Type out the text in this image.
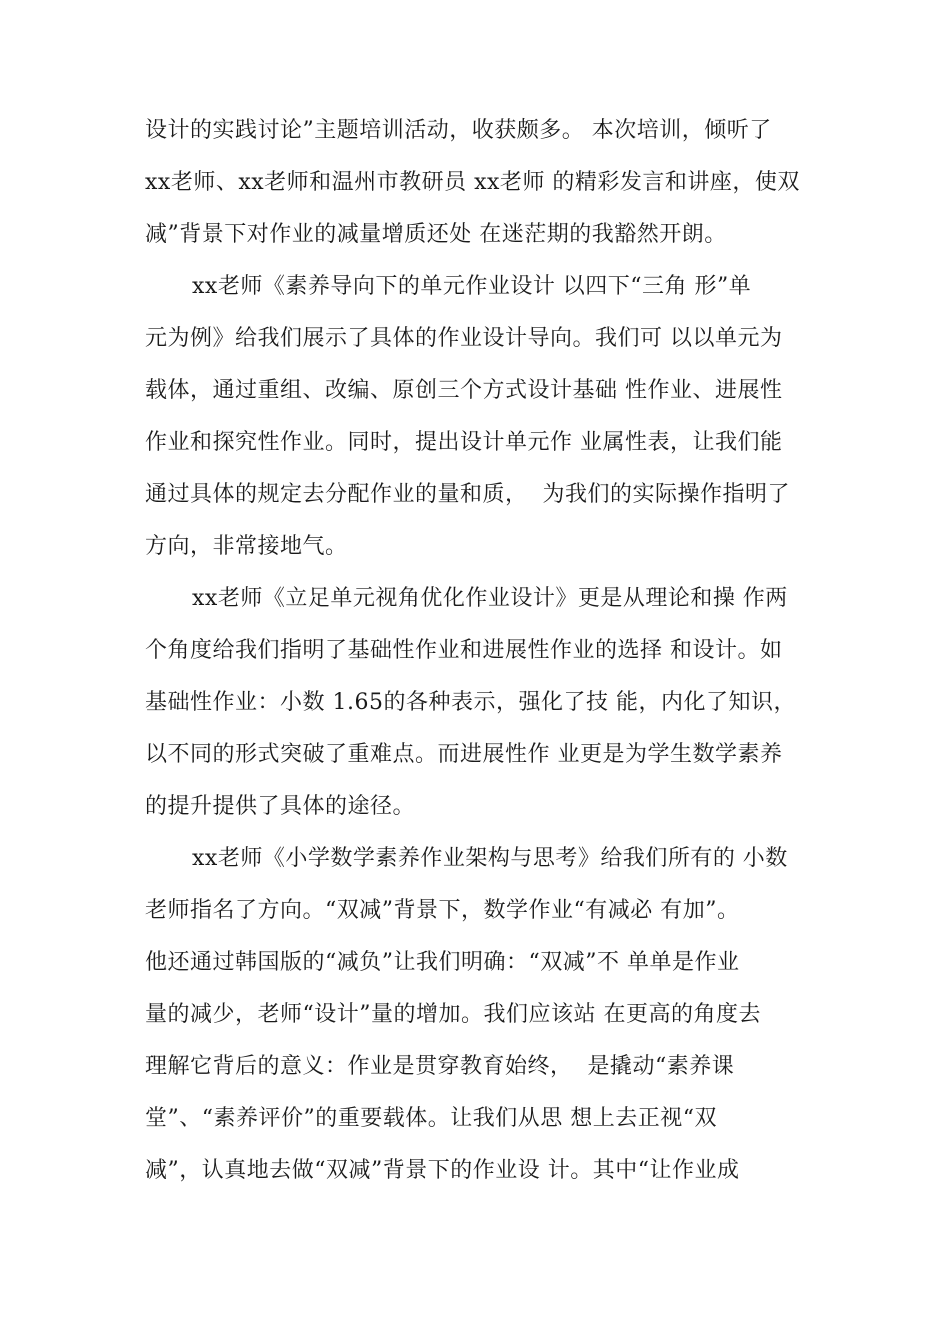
设计的实践讨论”主题培训活动，收获颇多。 本次培训，倾听了
xx老师、xx老师和温州市教研员 xx老师 的精彩发言和讲座，使双
减”背景下对作业的减量增质还处 在迷茫期的我豁然开朗。
xx老师《素养导向下的单元作业设计 以四下“三角 形”单
元为例》给我们展示了具体的作业设计导向。我们可 以以单元为
载体，通过重组、改编、原创三个方式设计基础 性作业、进展性
作业和探究性作业。同时，提出设计单元作 业属性表，让我们能
通过具体的规定去分配作业的量和质，  为我们的实际操作指明了
方向，非常接地气。
xx老师《立足单元视角优化作业设计》更是从理论和操 作两
个角度给我们指明了基础性作业和进展性作业的选择 和设计。如
基础性作业：小数 1.65的各种表示，强化了技 能，内化了知识，
以不同的形式突破了重难点。而进展性作 业更是为学生数学素养
的提升提供了具体的途径。
xx老师《小学数学素养作业架构与思考》给我们所有的 小数
老师指名了方向。“双减”背景下，数学作业“有减必 有加”。
他还通过韩国版的“减负”让我们明确：“双减”不 单单是作业
量的减少，老师“设计”量的增加。我们应该站 在更高的角度去
理解它背后的意义：作业是贯穿教育始终，  是撬动“素养课
堂”、“素养评价”的重要载体。让我们从思 想上去正视“双
减”，认真地去做“双减”背景下的作业设 计。其中“让作业成
